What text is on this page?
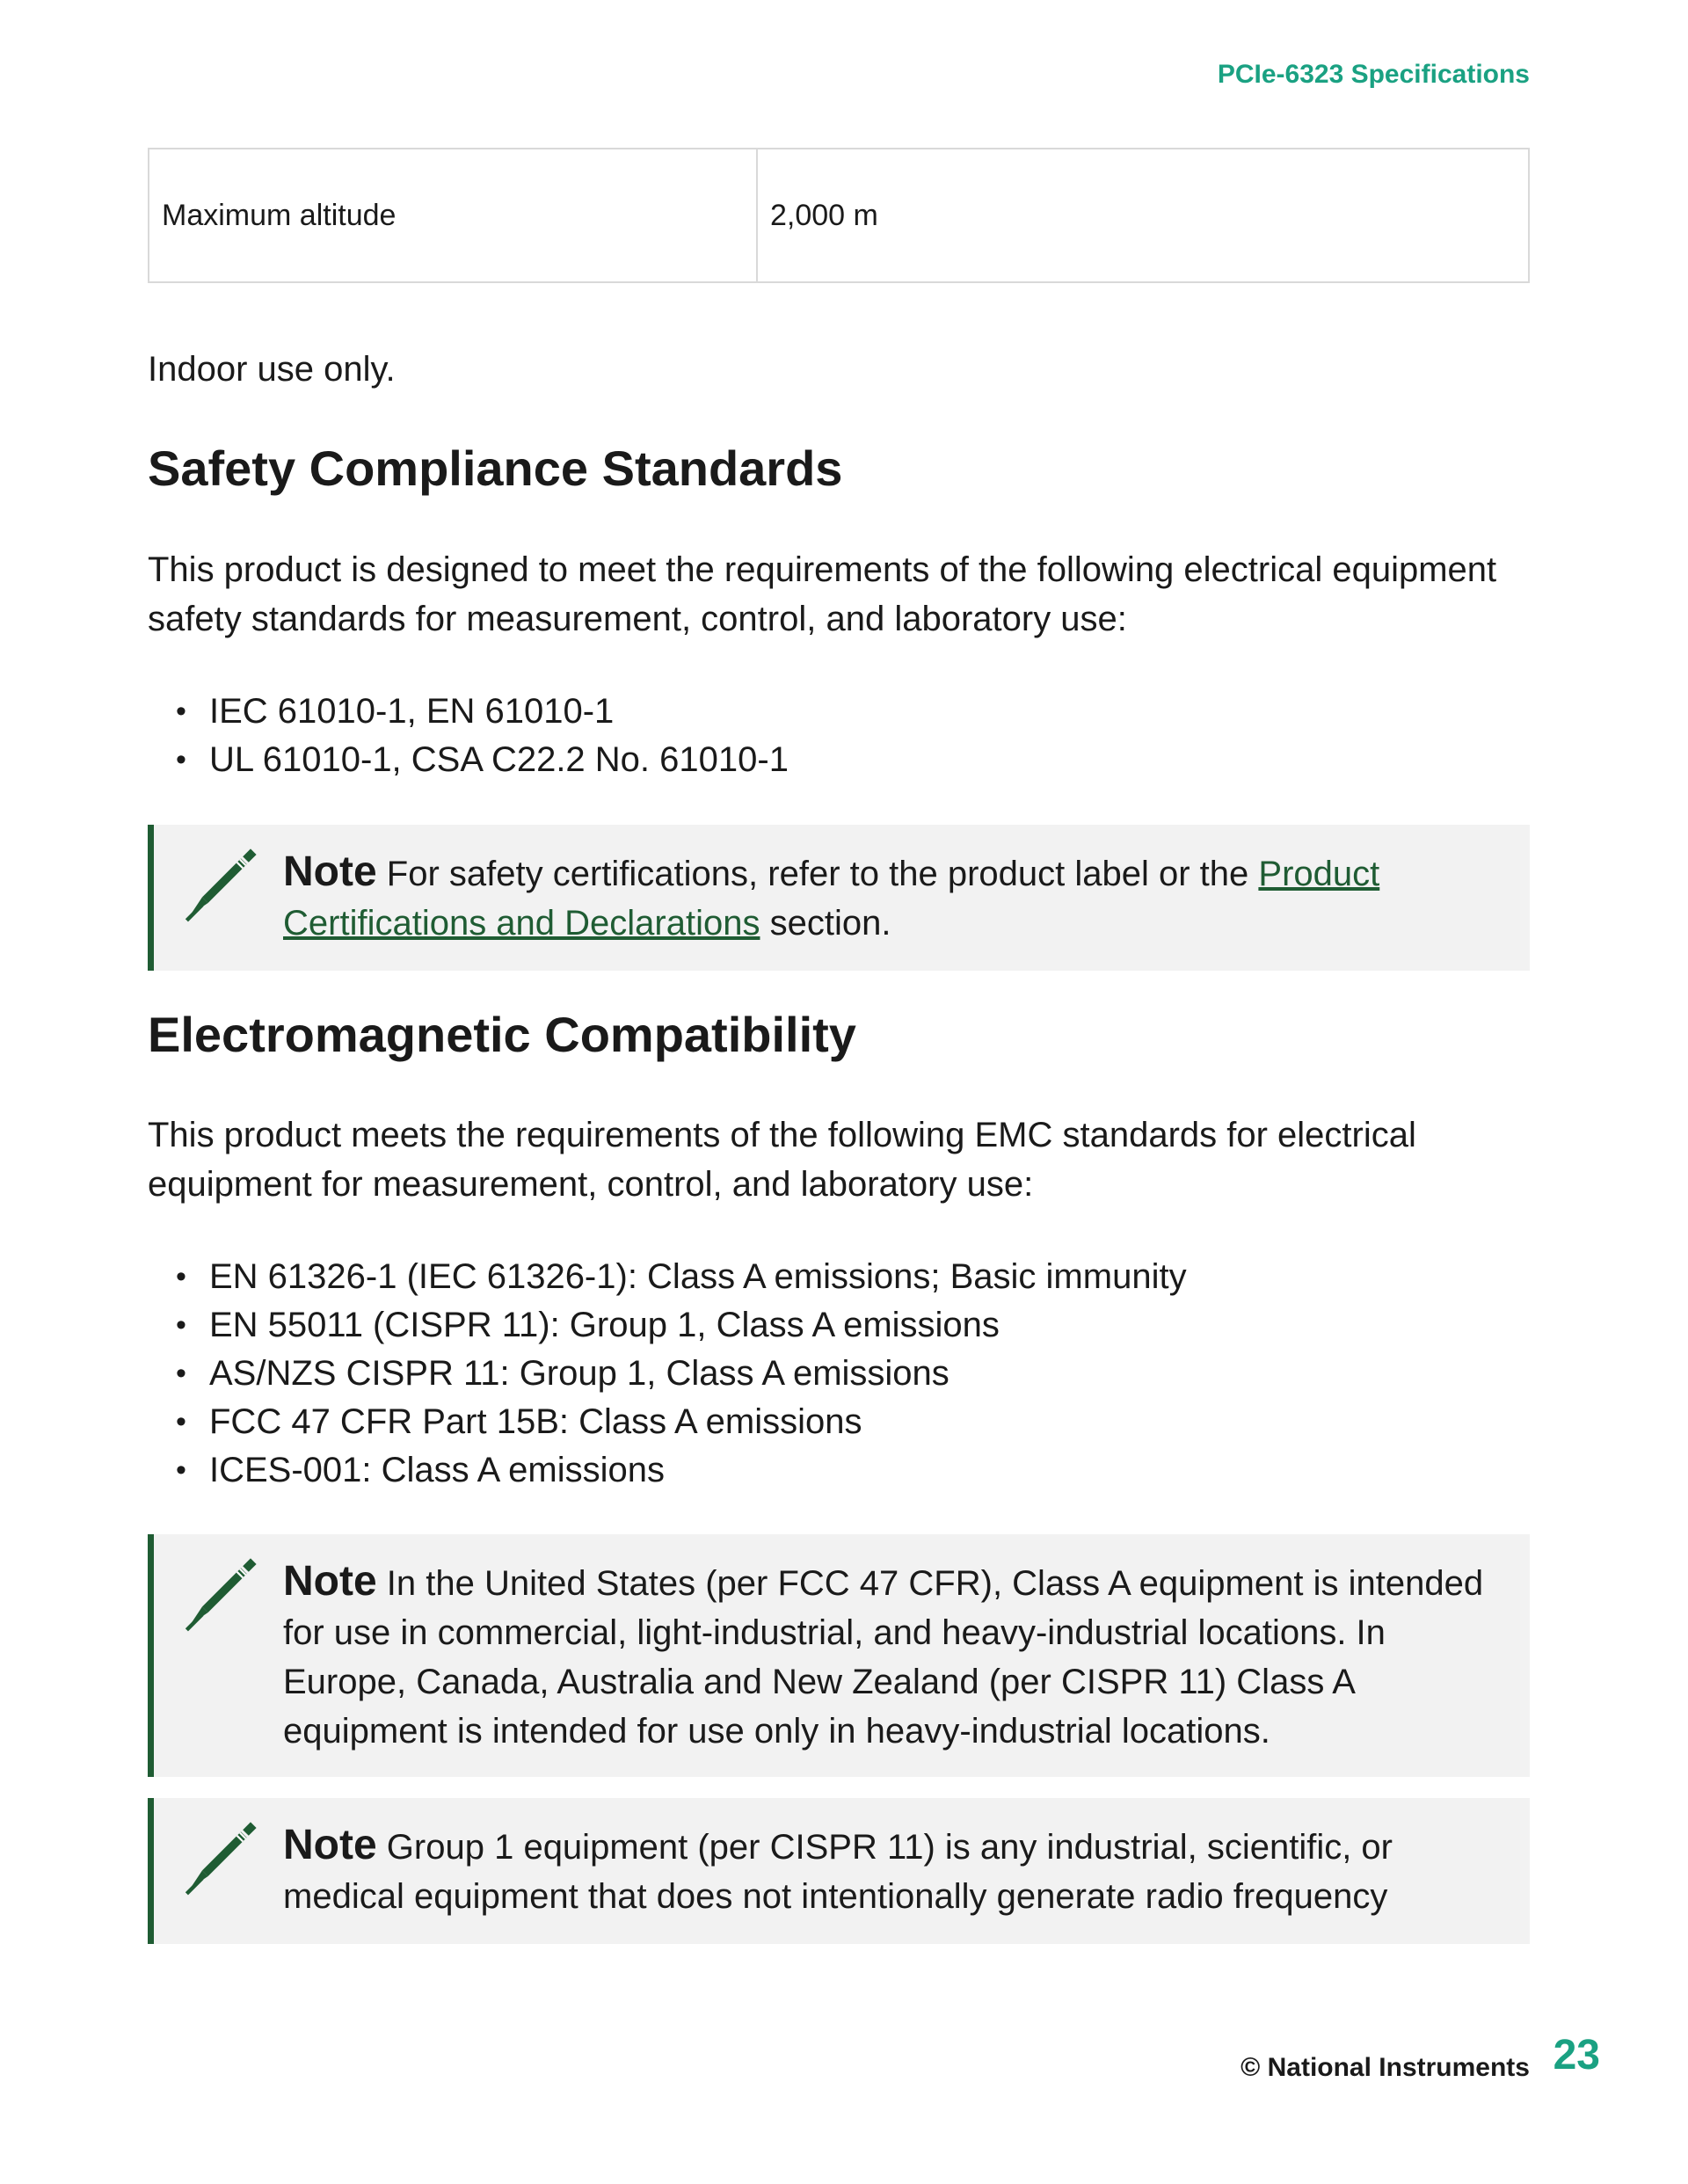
PCIe-6323 Specifications
Maximum altitude	2,000 m

Indoor use only.

Safety Compliance Standards

This product is designed to meet the requirements of the following electrical equipment safety standards for measurement, control, and laboratory use:

• IEC 61010-1, EN 61010-1
• UL 61010-1, CSA C22.2 No. 61010-1
Note For safety certifications, refer to the product label or the Product Certifications and Declarations section.
Electromagnetic Compatibility

This product meets the requirements of the following EMC standards for electrical equipment for measurement, control, and laboratory use:

• EN 61326-1 (IEC 61326-1): Class A emissions; Basic immunity
• EN 55011 (CISPR 11): Group 1, Class A emissions
• AS/NZS CISPR 11: Group 1, Class A emissions
• FCC 47 CFR Part 15B: Class A emissions
• ICES-001: Class A emissions
Note In the United States (per FCC 47 CFR), Class A equipment is intended for use in commercial, light-industrial, and heavy-industrial locations. In Europe, Canada, Australia and New Zealand (per CISPR 11) Class A equipment is intended for use only in heavy-industrial locations.
Note Group 1 equipment (per CISPR 11) is any industrial, scientific, or medical equipment that does not intentionally generate radio frequency
© National Instruments 23
